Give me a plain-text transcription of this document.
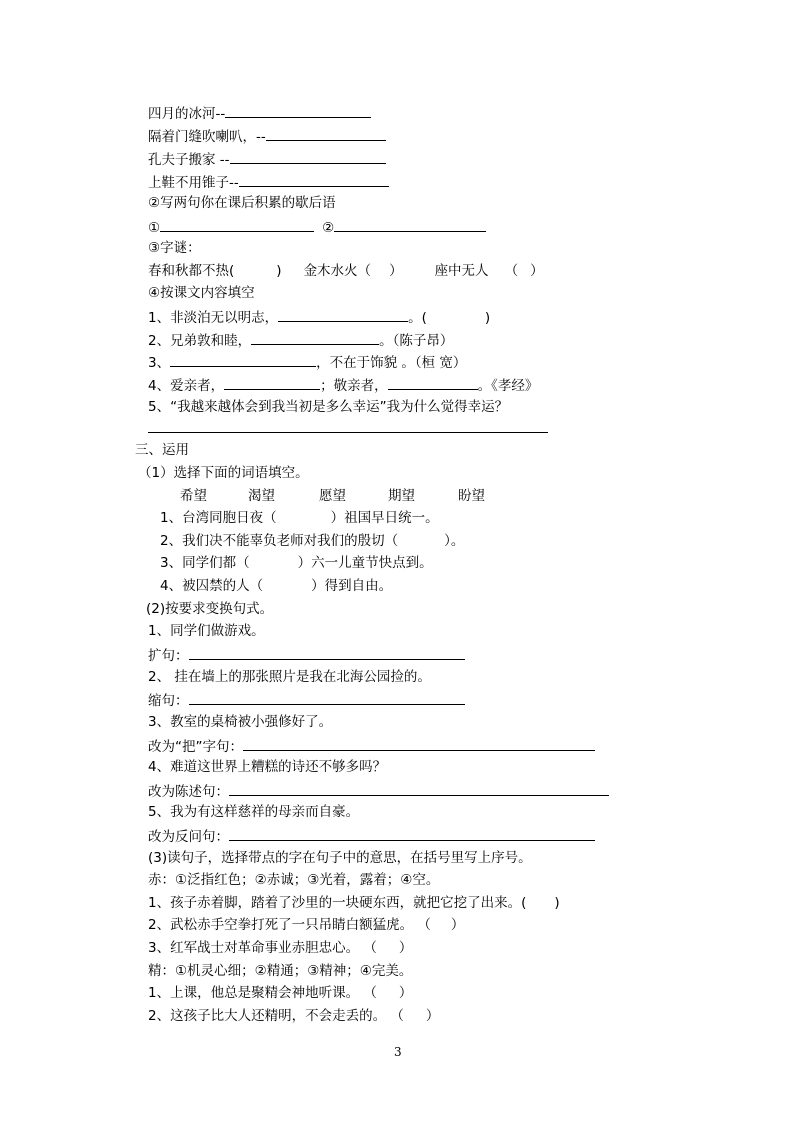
四月的冰河--
隔着门缝吹喇叭，--
孔夫子搬家 --
上鞋不用锥子--
②写两句你在课后积累的歇后语
①	②
③字谜：
春和秋都不热(	) 金木水火（ ） 座中无人 （ ）
④按课文内容填空
1、非淡泊无以明志，	。(	)
2、兄弟敦和睦，	。（陈子昂）
3、	，不在于饰貌 。（桓 宽）
4、爱亲者，	；敬亲者，	。《孝经》
5、“我越来越体会到我当初是多么幸运”我为什么觉得幸运？
三、运用
（1）选择下面的词语填空。
希望	渴望	愿望	期望	盼望
1、台湾同胞日夜（	）祖国早日统一。
2、我们决不能辜负老师对我们的殷切（	）。
3、同学们都（	）六一儿童节快点到。
4、被囚禁的人（	）得到自由。
(2)按要求变换句式。
1、同学们做游戏。
扩句：
2、 挂在墙上的那张照片是我在北海公园捡的。
缩句：
3、教室的桌椅被小强修好了。
改为“把”字句：
4、难道这世界上糟糕的诗还不够多吗？
改为陈述句：
5、我为有这样慈祥的母亲而自豪。
改为反问句：
(3)读句子，选择带点的字在句子中的意思，在括号里写上序号。
赤：①泛指红色；②赤诚；③光着，露着；④空。
1、孩子赤着脚，踏着了沙里的一块硬东西，就把它挖了出来。( )
2、武松赤手空拳打死了一只吊睛白额猛虎。 （ ）
3、红军战士对革命事业赤胆忠心。 （ ）
精：①机灵心细；②精通；③精神；④完美。
1、上课，他总是聚精会神地听课。 （ ）
2、这孩子比大人还精明，不会走丢的。 （ ）
3
